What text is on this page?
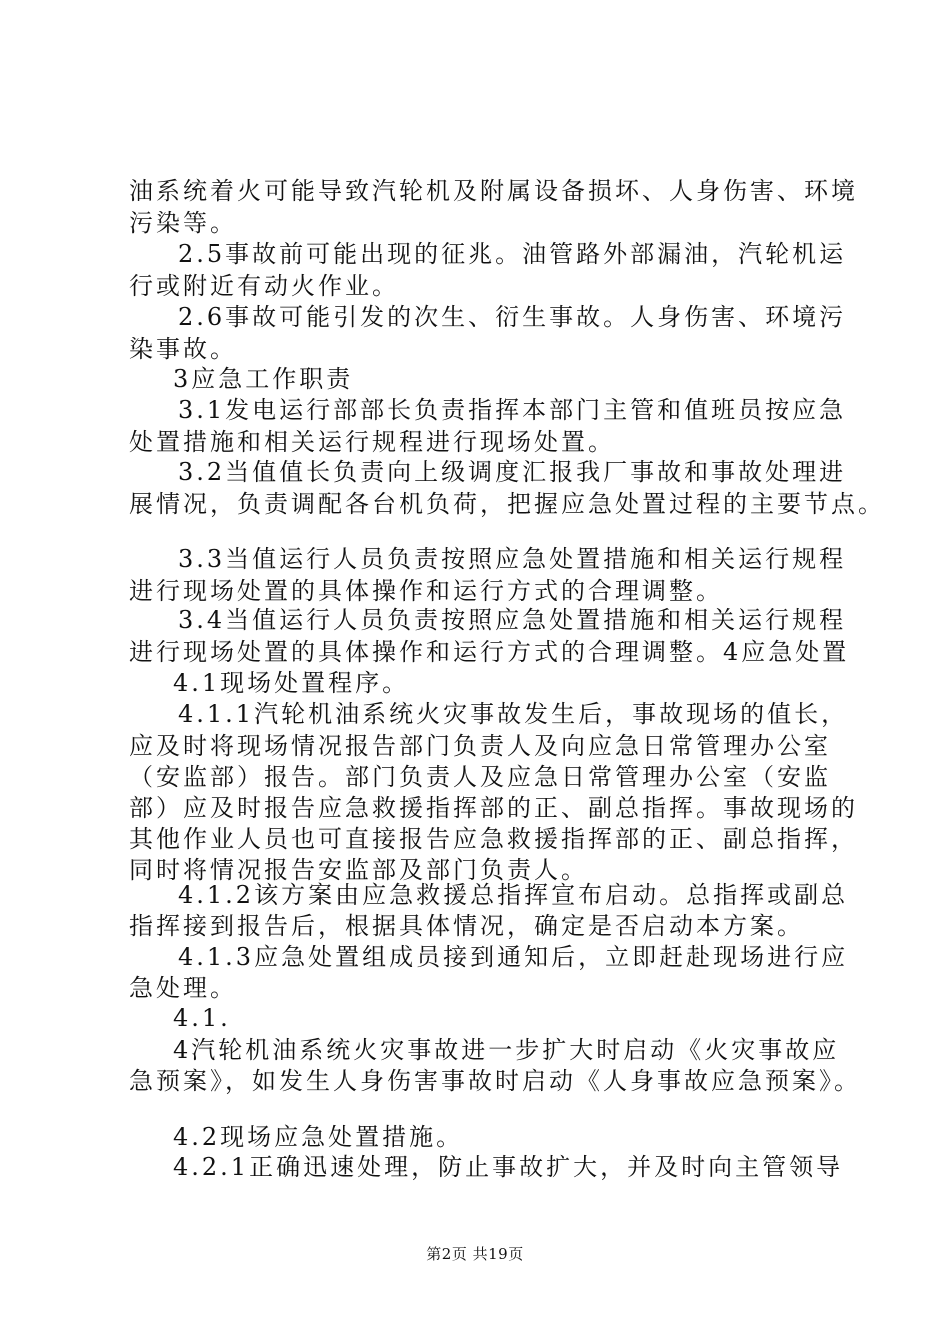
油系统着火可能导致汽轮机及附属设备损坏、人身伤害、环境
污染等。
2.5事故前可能出现的征兆。油管路外部漏油，汽轮机运
行或附近有动火作业。
2.6事故可能引发的次生、衍生事故。人身伤害、环境污
染事故。
3应急工作职责
3.1发电运行部部长负责指挥本部门主管和值班员按应急
处置措施和相关运行规程进行现场处置。
3.2当值值长负责向上级调度汇报我厂事故和事故处理进
展情况，负责调配各台机负荷，把握应急处置过程的主要节点。
3.3当值运行人员负责按照应急处置措施和相关运行规程
进行现场处置的具体操作和运行方式的合理调整。
3.4当值运行人员负责按照应急处置措施和相关运行规程
进行现场处置的具体操作和运行方式的合理调整。4应急处置
4.1现场处置程序。
4.1.1汽轮机油系统火灾事故发生后，事故现场的值长，
应及时将现场情况报告部门负责人及向应急日常管理办公室
（安监部）报告。部门负责人及应急日常管理办公室（安监
部）应及时报告应急救援指挥部的正、副总指挥。事故现场的
其他作业人员也可直接报告应急救援指挥部的正、副总指挥，
同时将情况报告安监部及部门负责人。
4.1.2该方案由应急救援总指挥宣布启动。总指挥或副总
指挥接到报告后，根据具体情况，确定是否启动本方案。
4.1.3应急处置组成员接到通知后，立即赶赴现场进行应
急处理。
4.1.
4汽轮机油系统火灾事故进一步扩大时启动《火灾事故应
急预案》，如发生人身伤害事故时启动《人身事故应急预案》。
4.2现场应急处置措施。
4.2.1正确迅速处理，防止事故扩大，并及时向主管领导
第2页 共19页
